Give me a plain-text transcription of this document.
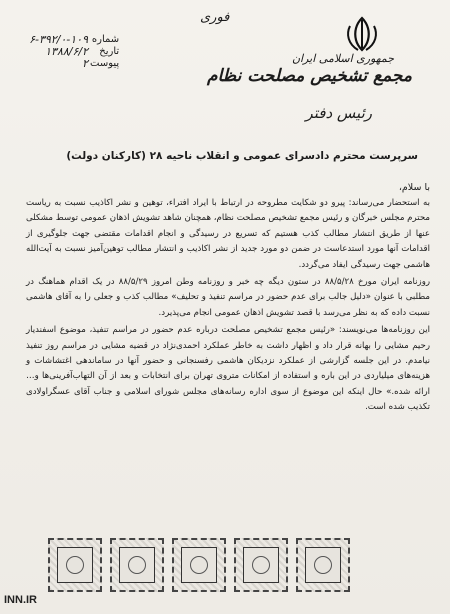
فوری
شماره
تاریخ
پیوست
۶-۳۹۲/۰-۱۰۹
۱۳۸۸/۶/۲
۲	جمهوری اسلامی ایران
مجمع تشخیص مصلحت نظام
رئیس دفتر
سرپرست محترم دادسرای عمومی و انقلاب ناحیه ۲۸ (کارکنان دولت)
با سلام،

به استحضار می‌رساند: پیرو دو شکایت مطروحه در ارتباط با ایراد افتراء، توهین و نشر اکاذیب نسبت به ریاست محترم مجلس خبرگان و رئیس مجمع تشخیص مصلحت نظام، همچنان شاهد تشویش اذهان عمومی توسط مشکلی عنها از طریق انتشار مطالب کذب هستیم که تسریع در رسیدگی و انجام اقدامات مقتضی جهت جلوگیری از اقدامات آنها مورد استدعاست در ضمن دو مورد جدید از نشر اکاذیب و انتشار مطالب توهین‌آمیز نسبت به آیت‌الله هاشمی جهت رسیدگی ایفاد می‌گردد.

روزنامه ایران مورخ ۸۸/۵/۲۸ در ستون دیگه چه خبر و روزنامه وطن امروز ۸۸/۵/۲۹ در یک اقدام هماهنگ در مطلبی با عنوان «دلیل جالب برای عدم حضور در مراسم تنفیذ و تحلیف» مطالب کذب و جعلی را به آقای هاشمی نسبت داده که به نظر می‌رسد با قصد تشویش اذهان عمومی انجام می‌پذیرد.

این روزنامه‌ها می‌نویسند: «رئیس مجمع تشخیص مصلحت درباره عدم حضور در مراسم تنفیذ، موضوع اسفندیار رحیم مشایی را بهانه قرار داد و اظهار داشت به خاطر عملکرد احمدی‌نژاد در قضیه مشایی در مراسم روز تنفیذ نیامدم. در این جلسه گزارشی از عملکرد نزدیکان هاشمی رفسنجانی و حضور آنها در ساماندهی اغتشاشات و هزینه‌های میلیاردی در این باره و استفاده از امکانات متروی تهران برای انتخابات و بعد از آن التهاب‌آفرینی‌ها و… ارائه شده.» حال اینکه این موضوع از سوی اداره رسانه‌های مجلس شورای اسلامی و جناب آقای عسگراولادی تکذیب شده است.

INN.IR
